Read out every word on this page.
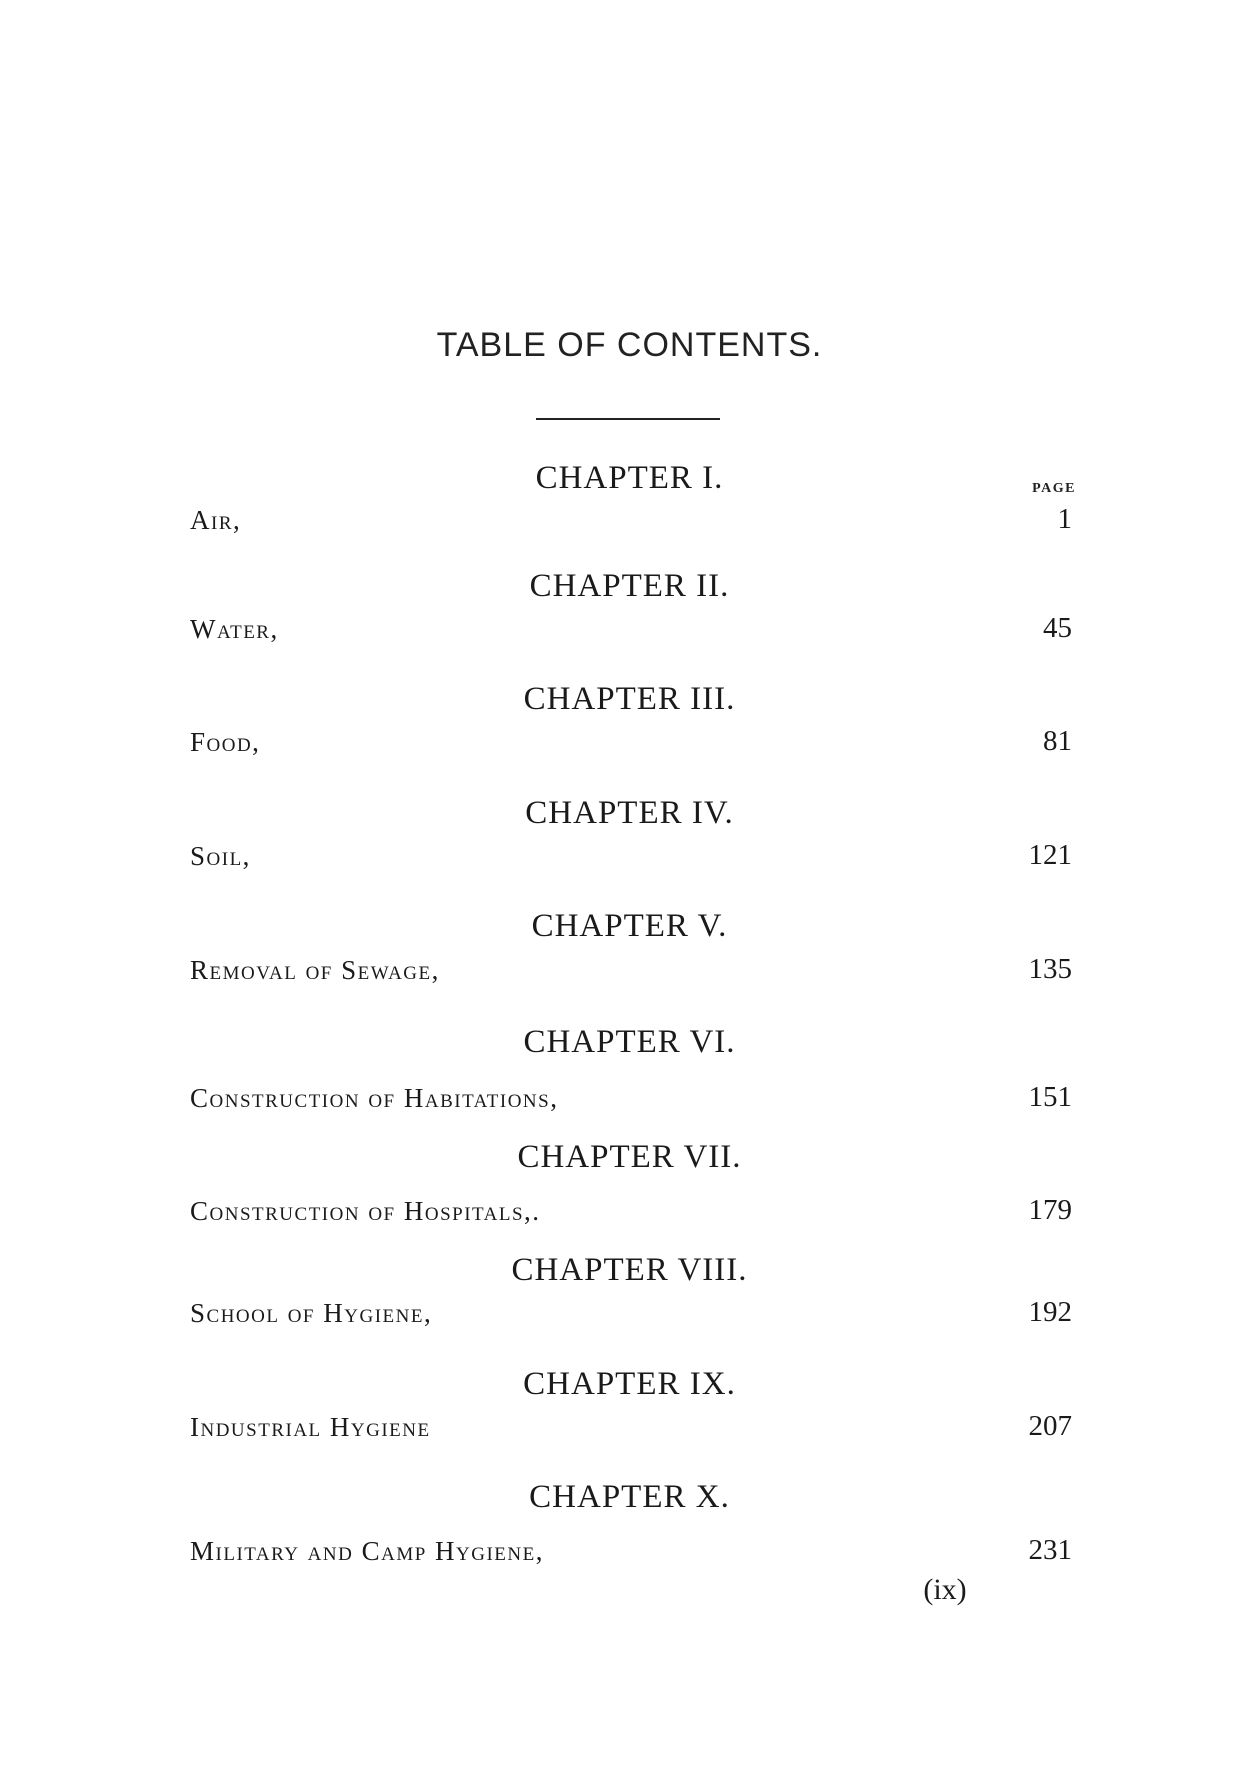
TABLE OF CONTENTS.
PAGE
CHAPTER I.
Air,	1
CHAPTER II.
Water,	45
CHAPTER III.
Food,	81
CHAPTER IV.
Soil,	121
CHAPTER V.
Removal of Sewage,	135
CHAPTER VI.
Construction of Habitations,	151
CHAPTER VII.
Construction of Hospitals,.	179
CHAPTER VIII.
School of Hygiene,	192
CHAPTER IX.
Industrial Hygiene	207
CHAPTER X.
Military and Camp Hygiene,	231
(ix)
